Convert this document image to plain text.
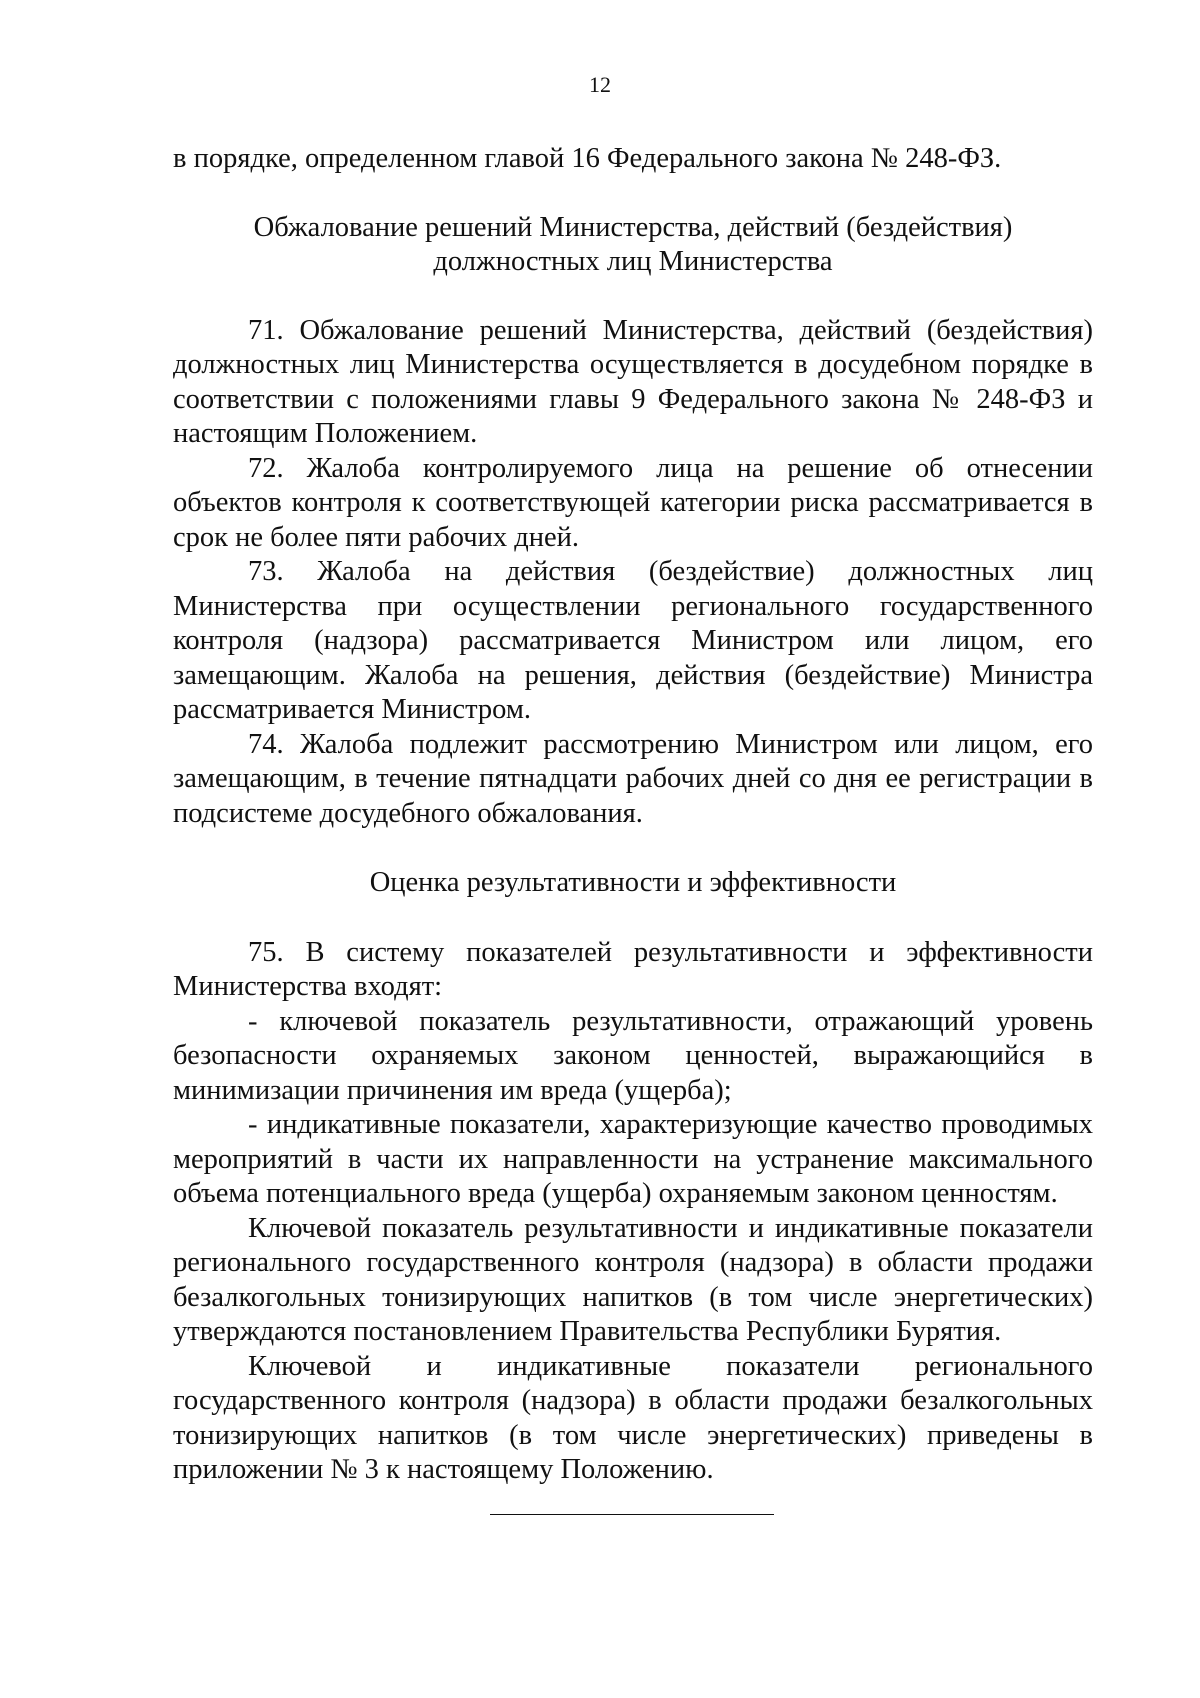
12

в порядке, определенном главой 16 Федерального закона № 248-ФЗ.

Обжалование решений Министерства, действий (бездействия)
должностных лиц Министерства

71. Обжалование решений Министерства, действий (бездействия) должностных лиц Министерства осуществляется в досудебном порядке в соответствии с положениями главы 9 Федерального закона № 248-ФЗ и настоящим Положением.

72. Жалоба контролируемого лица на решение об отнесении объектов контроля к соответствующей категории риска рассматривается в срок не более пяти рабочих дней.

73. Жалоба на действия (бездействие) должностных лиц Министерства при осуществлении регионального государственного контроля (надзора) рассматривается Министром или лицом, его замещающим. Жалоба на решения, действия (бездействие) Министра рассматривается Министром.

74. Жалоба подлежит рассмотрению Министром или лицом, его замещающим, в течение пятнадцати рабочих дней со дня ее регистрации в подсистеме досудебного обжалования.

Оценка результативности и эффективности

75. В систему показателей результативности и эффективности Министерства входят:

- ключевой показатель результативности, отражающий уровень безопасности охраняемых законом ценностей, выражающийся в минимизации причинения им вреда (ущерба);

- индикативные показатели, характеризующие качество проводимых мероприятий в части их направленности на устранение максимального объема потенциального вреда (ущерба) охраняемым законом ценностям.

Ключевой показатель результативности и индикативные показатели регионального государственного контроля (надзора) в области продажи безалкогольных тонизирующих напитков (в том числе энергетических) утверждаются постановлением Правительства Республики Бурятия.

Ключевой и индикативные показатели регионального государственного контроля (надзора) в области продажи безалкогольных тонизирующих напитков (в том числе энергетических) приведены в приложении № 3 к настоящему Положению.
